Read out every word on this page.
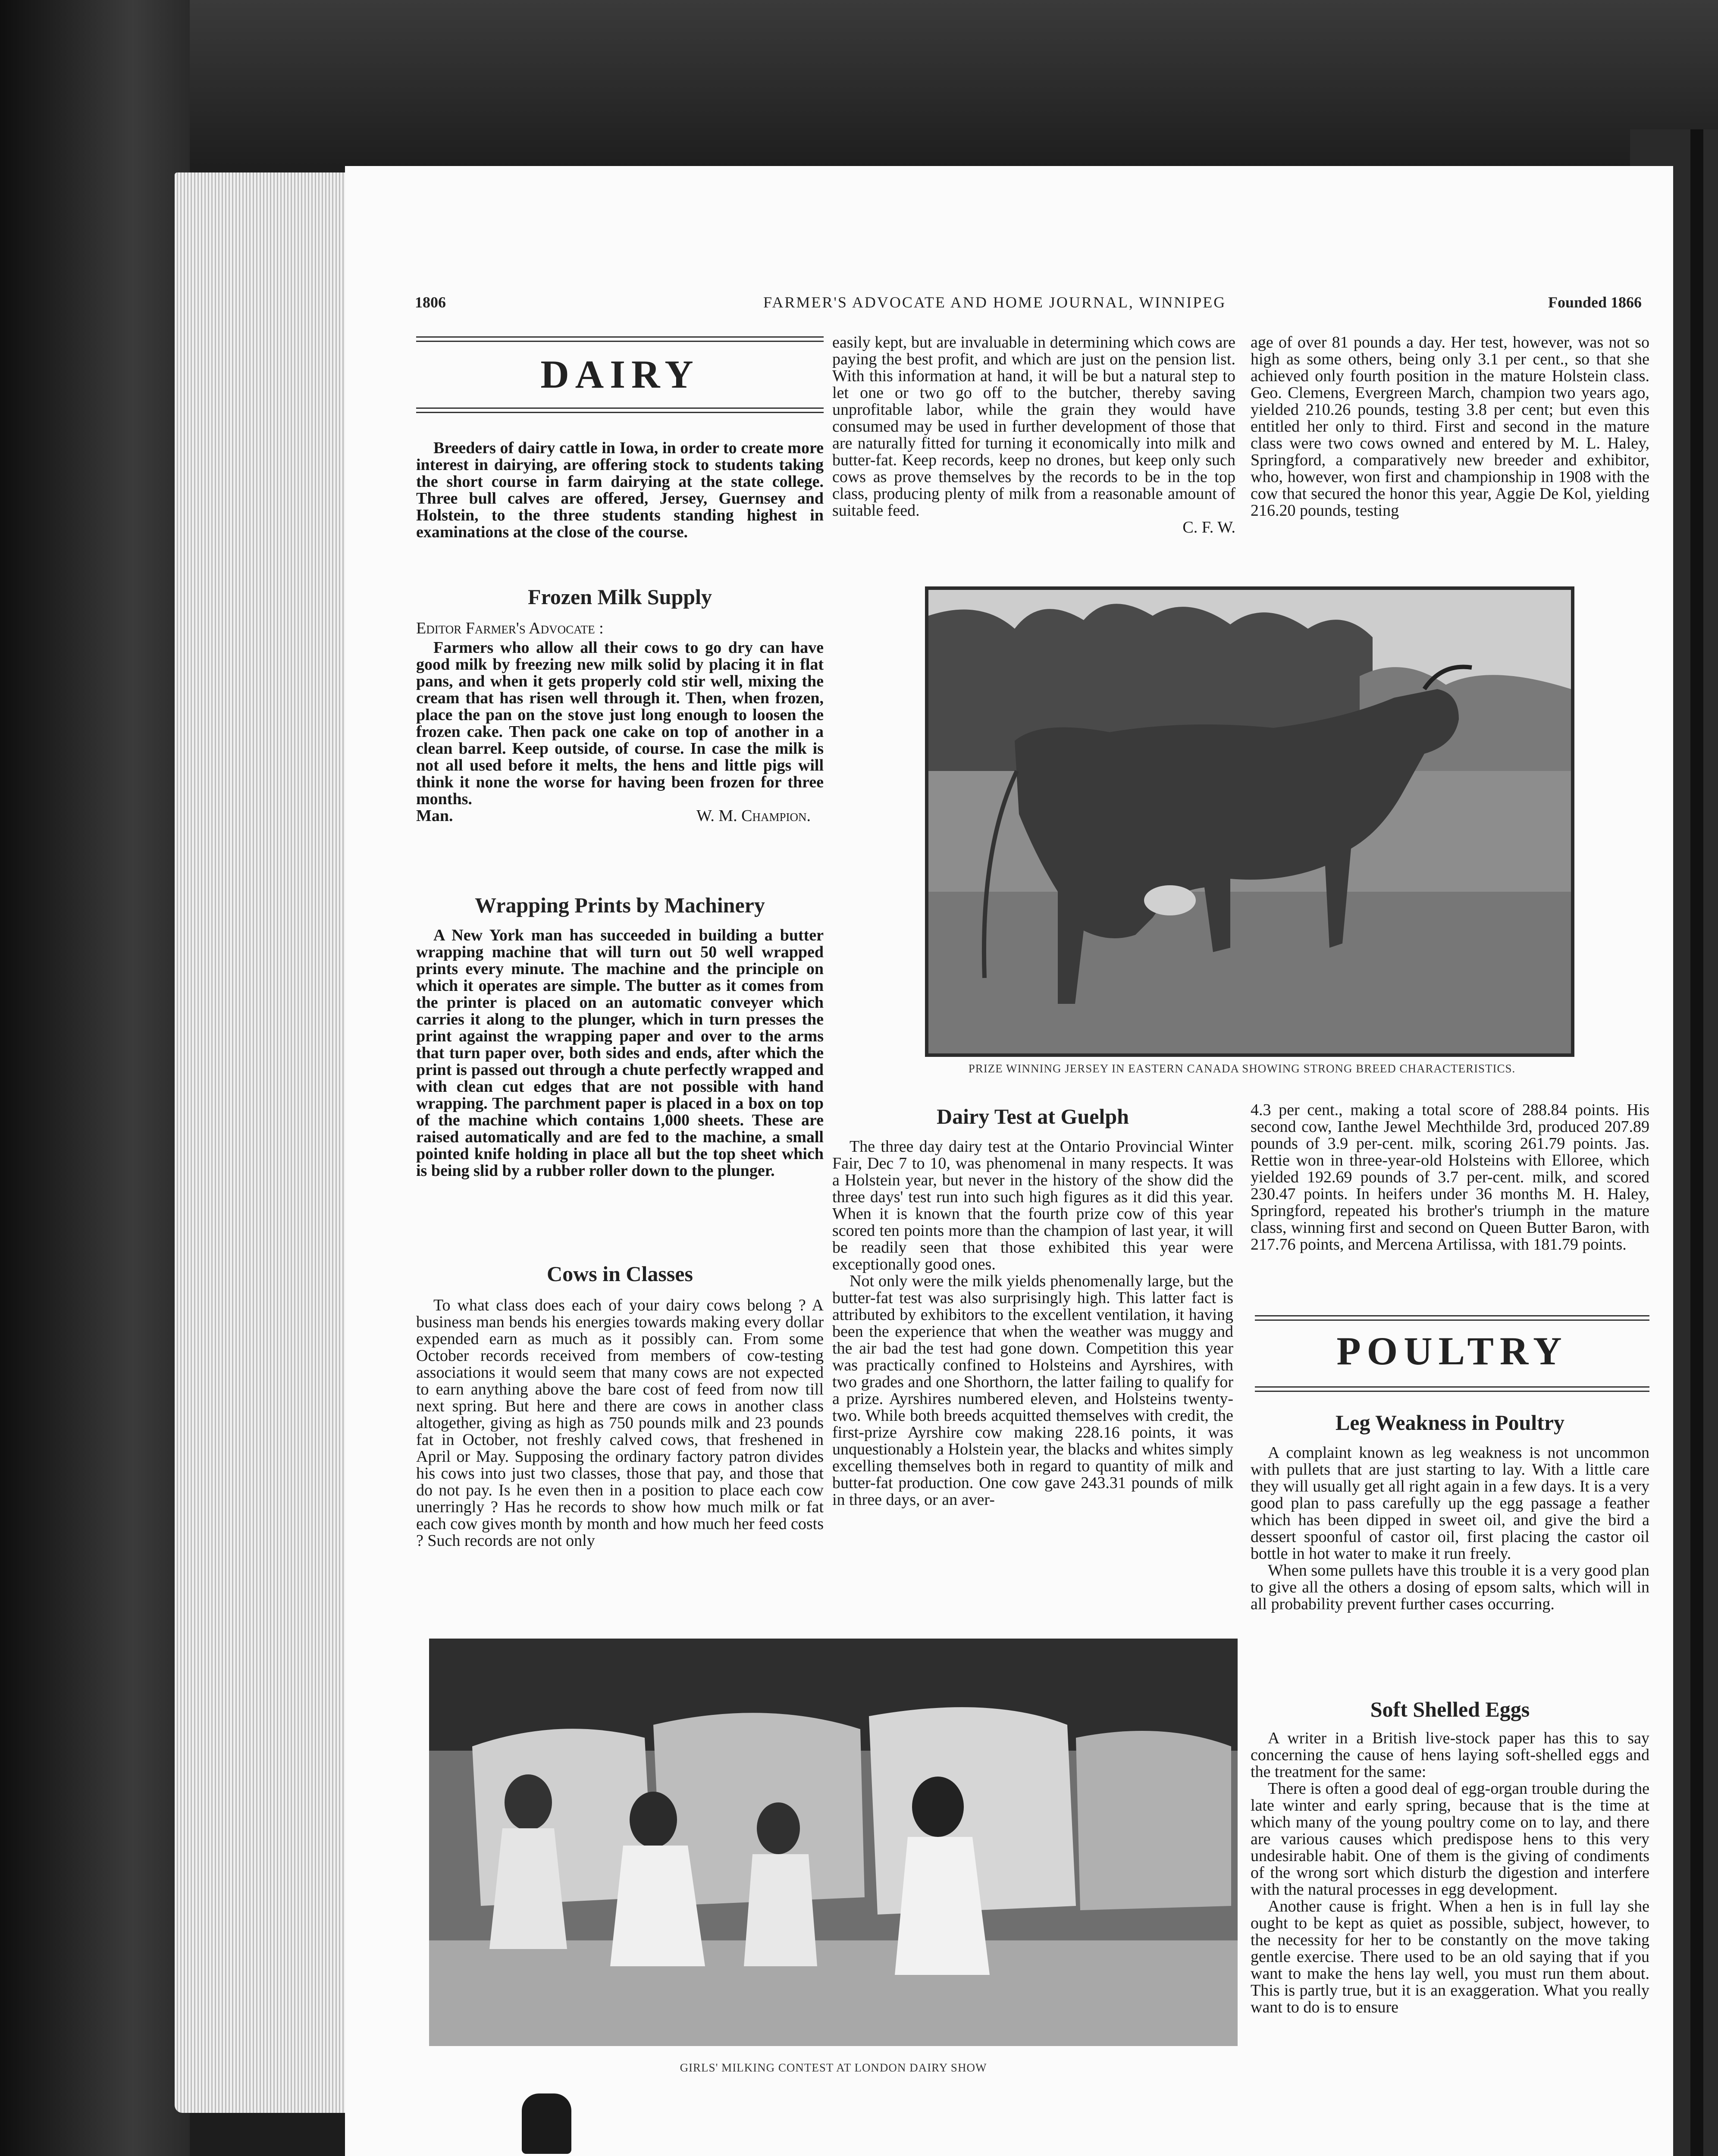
1806	FARMER'S ADVOCATE AND HOME JOURNAL, WINNIPEG	Founded 1866
DAIRY

Breeders of dairy cattle in Iowa, in order to create more interest in dairying, are offering stock to students taking the short course in farm dairying at the state college. Three bull calves are offered, Jersey, Guernsey and Holstein, to the three students standing highest in examinations at the close of the course.

Frozen Milk Supply

Editor Farmer's Advocate :

Farmers who allow all their cows to go dry can have good milk by freezing new milk solid by placing it in flat pans, and when it gets properly cold stir well, mixing the cream that has risen well through it. Then, when frozen, place the pan on the stove just long enough to loosen the frozen cake. Then pack one cake on top of another in a clean barrel. Keep outside, of course. In case the milk is not all used before it melts, the hens and little pigs will think it none the worse for having been frozen for three months.

Man.	W. M. Champion.
Wrapping Prints by Machinery

A New York man has succeeded in building a butter wrapping machine that will turn out 50 well wrapped prints every minute. The machine and the principle on which it operates are simple. The butter as it comes from the printer is placed on an automatic conveyer which carries it along to the plunger, which in turn presses the print against the wrapping paper and over to the arms that turn paper over, both sides and ends, after which the print is passed out through a chute perfectly wrapped and with clean cut edges that are not possible with hand wrapping. The parchment paper is placed in a box on top of the machine which contains 1,000 sheets. These are raised automatically and are fed to the machine, a small pointed knife holding in place all but the top sheet which is being slid by a rubber roller down to the plunger.

Cows in Classes

To what class does each of your dairy cows belong ? A business man bends his energies towards making every dollar expended earn as much as it possibly can. From some October records received from members of cow-testing associations it would seem that many cows are not expected to earn anything above the bare cost of feed from now till next spring. But here and there are cows in another class altogether, giving as high as 750 pounds milk and 23 pounds fat in October, not freshly calved cows, that freshened in April or May. Supposing the ordinary factory patron divides his cows into just two classes, those that pay, and those that do not pay. Is he even then in a position to place each cow unerringly ? Has he records to show how much milk or fat each cow gives month by month and how much her feed costs ? Such records are not only

easily kept, but are invaluable in determining which cows are paying the best profit, and which are just on the pension list. With this information at hand, it will be but a natural step to let one or two go off to the butcher, thereby saving unprofitable labor, while the grain they would have consumed may be used in further development of those that are naturally fitted for turning it economically into milk and butter-fat. Keep records, keep no drones, but keep only such cows as prove themselves by the records to be in the top class, producing plenty of milk from a reasonable amount of suitable feed.

C. F. W.

age of over 81 pounds a day. Her test, however, was not so high as some others, being only 3.1 per cent., so that she achieved only fourth position in the mature Holstein class. Geo. Clemens, Evergreen March, champion two years ago, yielded 210.26 pounds, testing 3.8 per cent; but even this entitled her only to third. First and second in the mature class were two cows owned and entered by M. L. Haley, Springford, a comparatively new breeder and exhibitor, who, however, won first and championship in 1908 with the cow that secured the honor this year, Aggie De Kol, yielding 216.20 pounds, testing

PRIZE WINNING JERSEY IN EASTERN CANADA SHOWING STRONG BREED CHARACTERISTICS.
Dairy Test at Guelph

The three day dairy test at the Ontario Provincial Winter Fair, Dec 7 to 10, was phenomenal in many respects. It was a Holstein year, but never in the history of the show did the three days' test run into such high figures as it did this year. When it is known that the fourth prize cow of this year scored ten points more than the champion of last year, it will be readily seen that those exhibited this year were exceptionally good ones.

Not only were the milk yields phenomenally large, but the butter-fat test was also surprisingly high. This latter fact is attributed by exhibitors to the excellent ventilation, it having been the experience that when the weather was muggy and the air bad the test had gone down. Competition this year was practically confined to Holsteins and Ayrshires, with two grades and one Shorthorn, the latter failing to qualify for a prize. Ayrshires numbered eleven, and Holsteins twenty-two. While both breeds acquitted themselves with credit, the first-prize Ayrshire cow making 228.16 points, it was unquestionably a Holstein year, the blacks and whites simply excelling themselves both in regard to quantity of milk and butter-fat production. One cow gave 243.31 pounds of milk in three days, or an aver-

4.3 per cent., making a total score of 288.84 points. His second cow, Ianthe Jewel Mechthilde 3rd, produced 207.89 pounds of 3.9 per-cent. milk, scoring 261.79 points. Jas. Rettie won in three-year-old Holsteins with Elloree, which yielded 192.69 pounds of 3.7 per-cent. milk, and scored 230.47 points. In heifers under 36 months M. H. Haley, Springford, repeated his brother's triumph in the mature class, winning first and second on Queen Butter Baron, with 217.76 points, and Mercena Artilissa, with 181.79 points.

POULTRY
Leg Weakness in Poultry

A complaint known as leg weakness is not uncommon with pullets that are just starting to lay. With a little care they will usually get all right again in a few days. It is a very good plan to pass carefully up the egg passage a feather which has been dipped in sweet oil, and give the bird a dessert spoonful of castor oil, first placing the castor oil bottle in hot water to make it run freely.

When some pullets have this trouble it is a very good plan to give all the others a dosing of epsom salts, which will in all probability prevent further cases occurring.

Soft Shelled Eggs

A writer in a British live-stock paper has this to say concerning the cause of hens laying soft-shelled eggs and the treatment for the same:

There is often a good deal of egg-organ trouble during the late winter and early spring, because that is the time at which many of the young poultry come on to lay, and there are various causes which predispose hens to this very undesirable habit. One of them is the giving of condiments of the wrong sort which disturb the digestion and interfere with the natural processes in egg development.

Another cause is fright. When a hen is in full lay she ought to be kept as quiet as possible, subject, however, to the necessity for her to be constantly on the move taking gentle exercise. There used to be an old saying that if you want to make the hens lay well, you must run them about. This is partly true, but it is an exaggeration. What you really want to do is to ensure

GIRLS' MILKING CONTEST AT LONDON DAIRY SHOW
